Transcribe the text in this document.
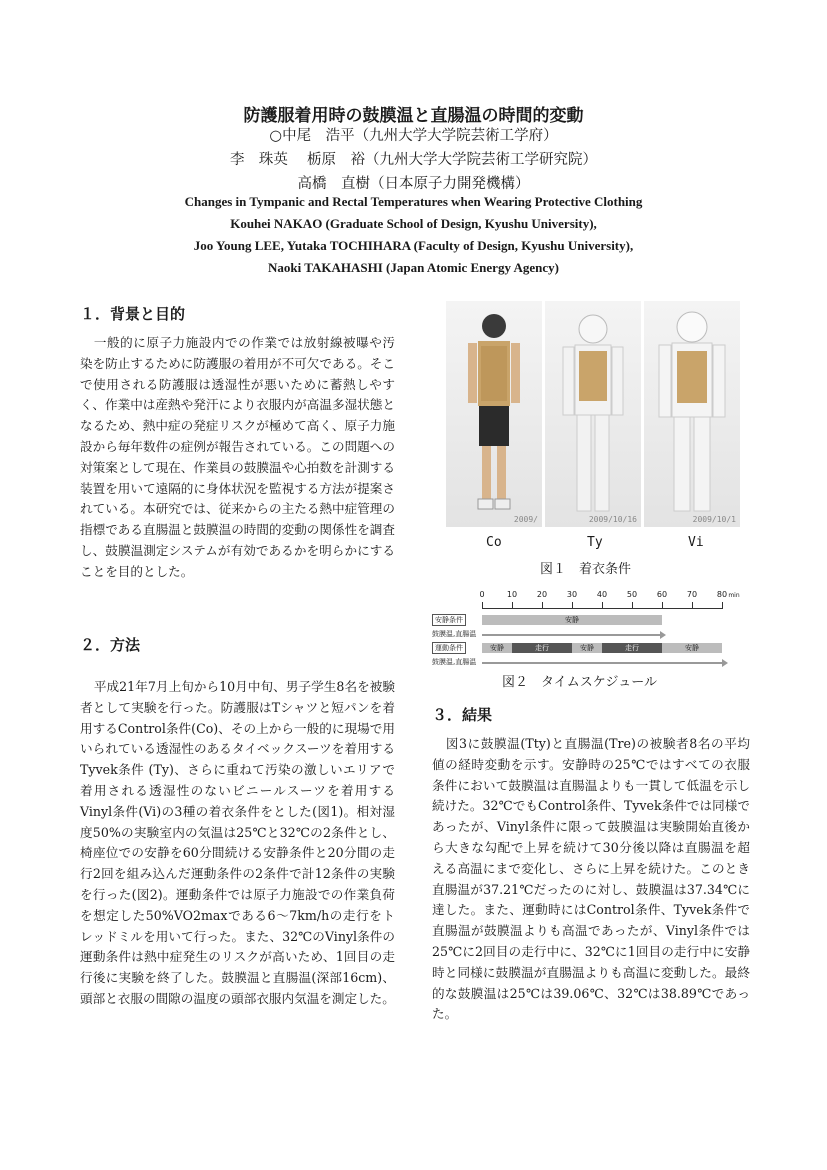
防護服着用時の鼓膜温と直腸温の時間的変動
○中尾　浩平（九州大学大学院芸術工学府）
李　珠英　 栃原　裕（九州大学大学院芸術工学研究院）
高橋　直樹（日本原子力開発機構）
Changes in Tympanic and Rectal Temperatures when Wearing Protective Clothing
Kouhei NAKAO (Graduate School of Design, Kyushu University),
Joo Young LEE, Yutaka TOCHIHARA (Faculty of Design, Kyushu University),
Naoki TAKAHASHI (Japan Atomic Energy Agency)
１．背景と目的
一般的に原子力施設内での作業では放射線被曝や汚染を防止するために防護服の着用が不可欠である。そこで使用される防護服は透湿性が悪いために蓄熱しやすく、作業中は産熱や発汗により衣服内が高温多湿状態となるため、熱中症の発症リスクが極めて高く、原子力施設から毎年数件の症例が報告されている。この問題への対策案として現在、作業員の鼓膜温や心拍数を計測する装置を用いて遠隔的に身体状況を監視する方法が提案されている。本研究では、従来からの主たる熱中症管理の指標である直腸温と鼓膜温の時間的変動の関係性を調査し、鼓膜温測定システムが有効であるかを明らかにすることを目的とした。
２．方法
平成21年7月上旬から10月中旬、男子学生8名を被験者として実験を行った。防護服はTシャツと短パンを着用するControl条件(Co)、その上から一般的に現場で用いられている透湿性のあるタイベックスーツを着用するTyvek条件 (Ty)、さらに重ねて汚染の激しいエリアで着用される透湿性のないビニールスーツを着用するVinyl条件(Vi)の3種の着衣条件をとした(図1)。相対湿度50%の実験室内の気温は25℃と32℃の2条件とし、椅座位での安静を60分間続ける安静条件と20分間の走行2回を組み込んだ運動条件の2条件で計12条件の実験を行った(図2)。運動条件では原子力施設での作業負荷を想定した50%VO2maxである6〜7km/hの走行をトレッドミルを用いて行った。また、32℃のVinyl条件の運動条件は熱中症発生のリスクが高いため、1回目の走行後に実験を終了した。鼓膜温と直腸温(深部16cm)、頭部と衣服の間隙の温度の頭部衣服内気温を測定した。
2009/	2009/10/16	2009/10/1
Co	Ty	Vi
図１　着衣条件
0	10 20 30 40 50 60 70 80 min
安静条件	安静
鼓膜温,直腸温
運動条件	安静	走行	安静	走行	安静
鼓膜温,直腸温
図２　タイムスケジュール
３．結果
図3に鼓膜温(Tty)と直腸温(Tre)の被験者8名の平均値の経時変動を示す。安静時の25℃ではすべての衣服条件において鼓膜温は直腸温よりも一貫して低温を示し続けた。32℃でもControl条件、Tyvek条件では同様であったが、Vinyl条件に限って鼓膜温は実験開始直後から大きな勾配で上昇を続けて30分後以降は直腸温を超える高温にまで変化し、さらに上昇を続けた。このとき直腸温が37.21℃だったのに対し、鼓膜温は37.34℃に達した。また、運動時にはControl条件、Tyvek条件で直腸温が鼓膜温よりも高温であったが、Vinyl条件では25℃に2回目の走行中に、32℃に1回目の走行中に安静時と同様に鼓膜温が直腸温よりも高温に変動した。最終的な鼓膜温は25℃は39.06℃、32℃は38.89℃であった。
